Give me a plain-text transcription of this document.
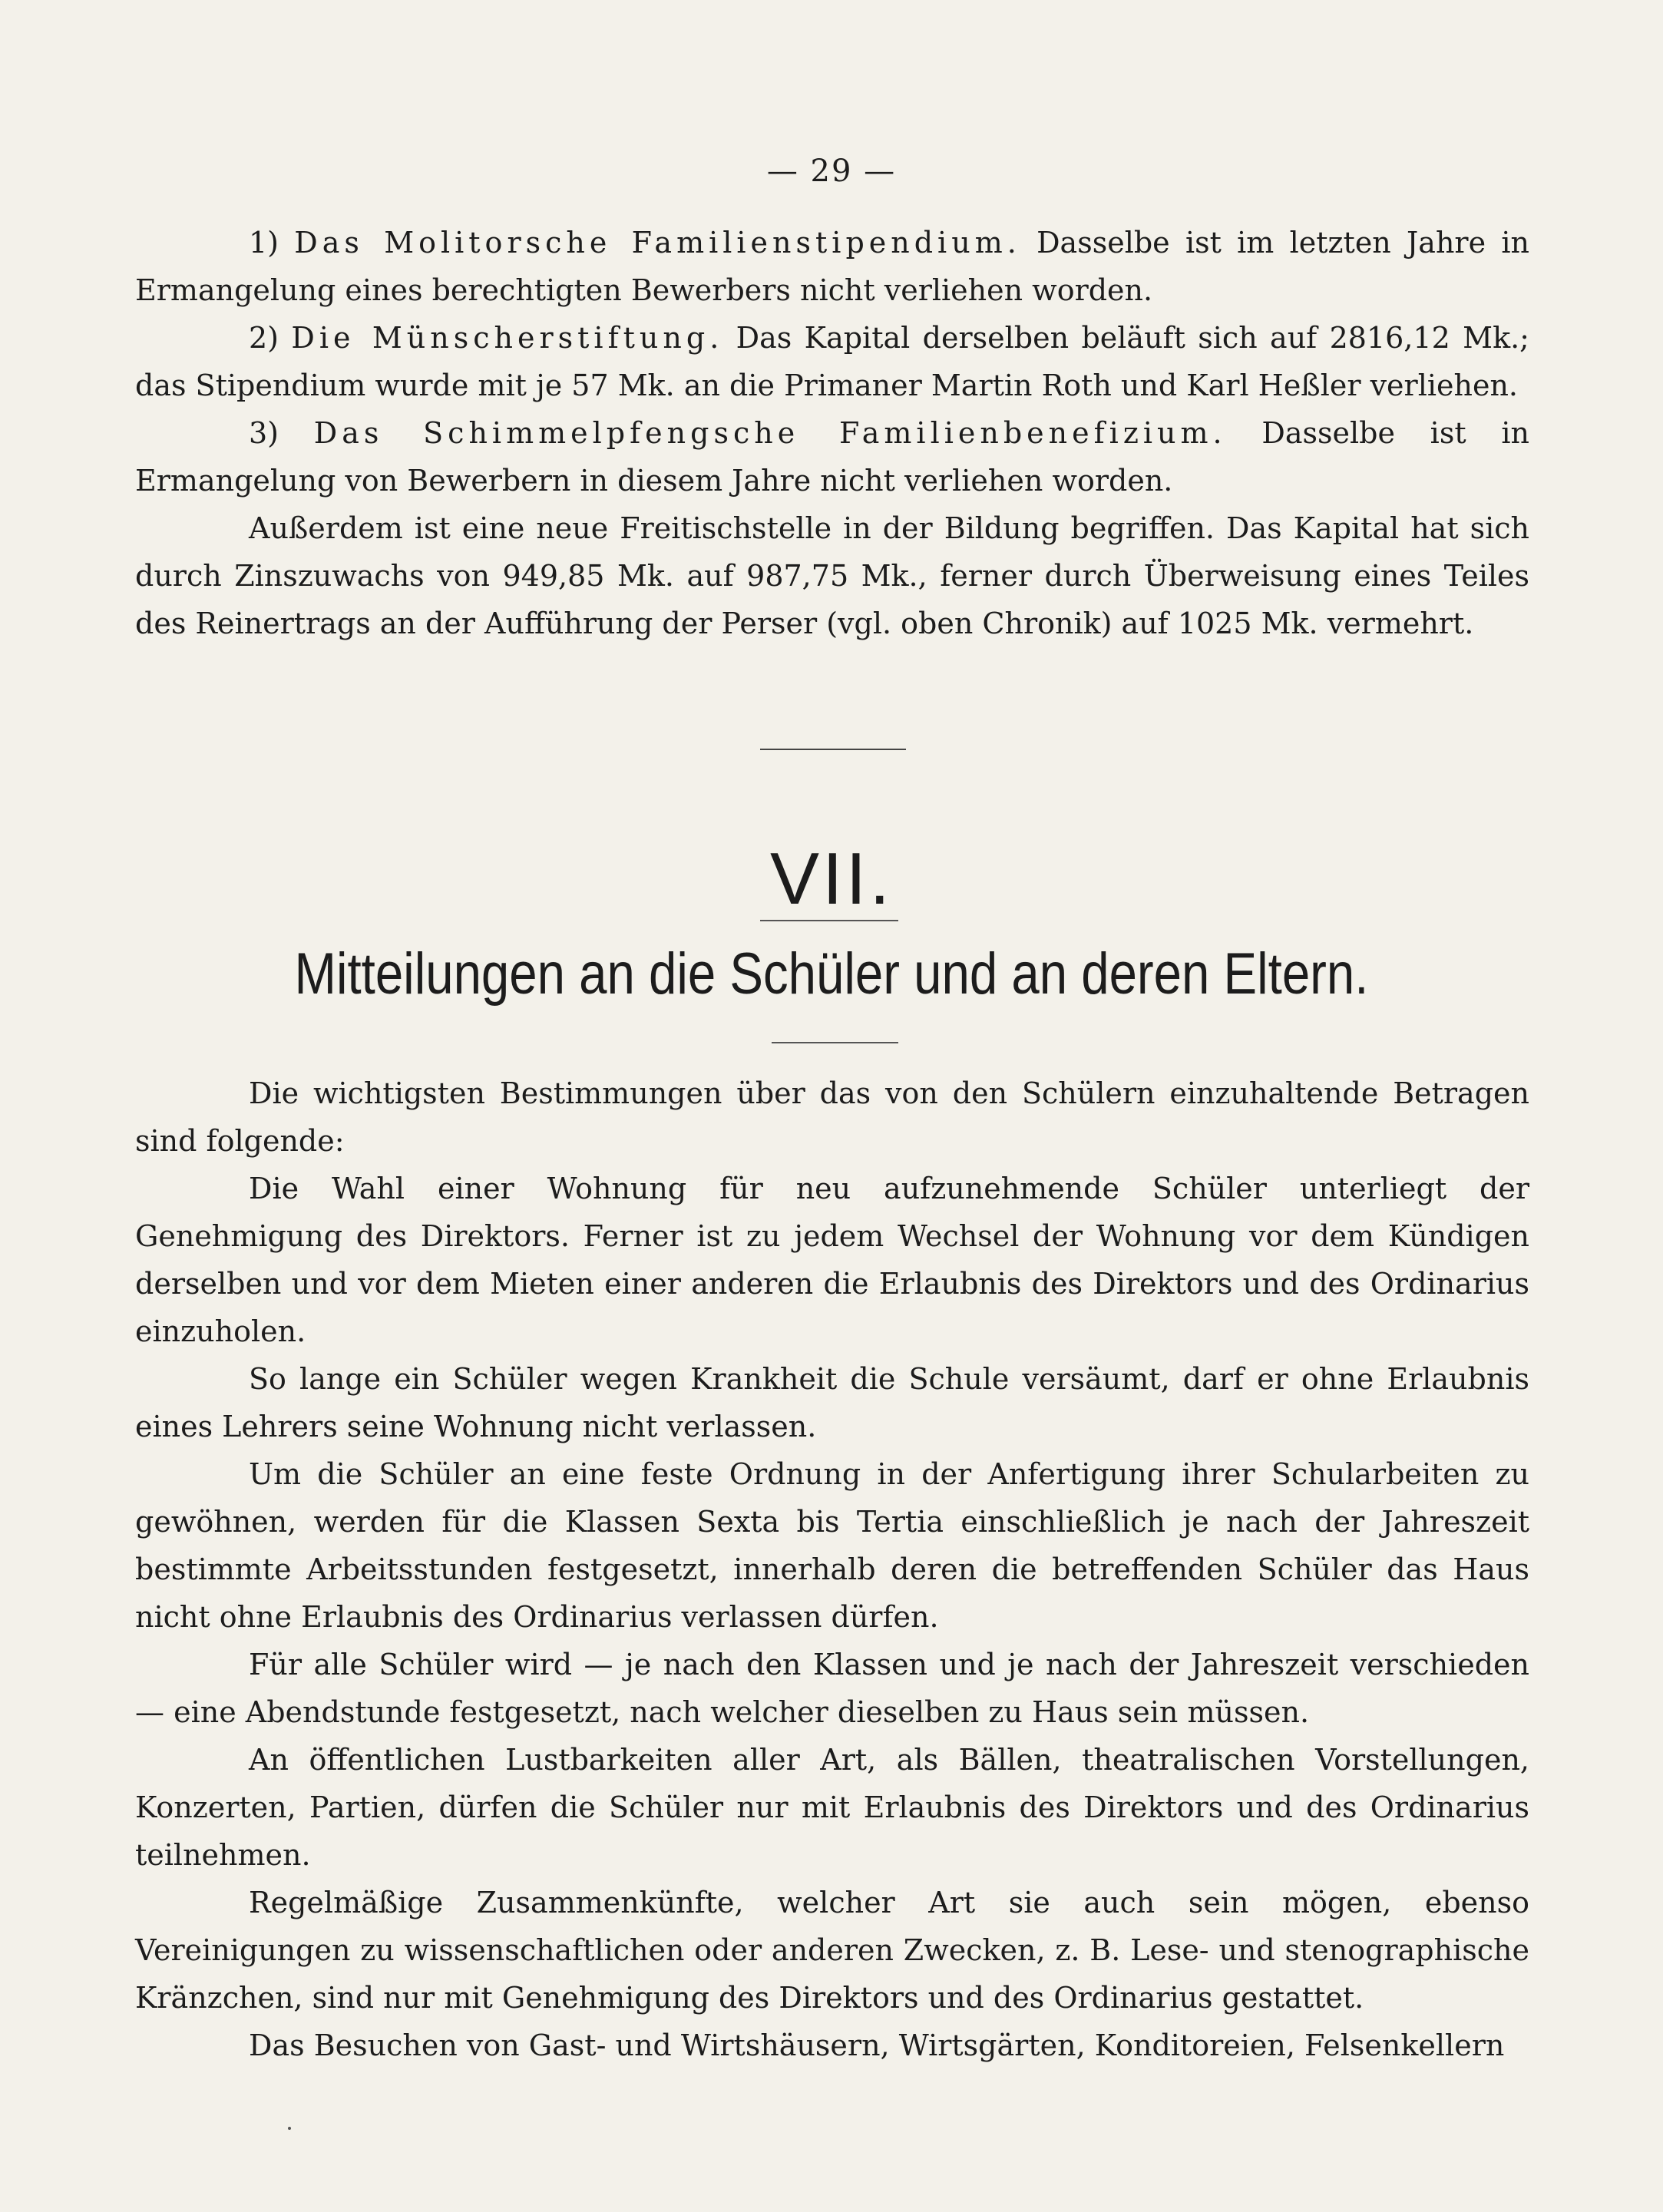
— 29 —

1) Das Molitorsche Familienstipendium. Dasselbe ist im letzten Jahre in Ermangelung eines berechtigten Bewerbers nicht verliehen worden.

2) Die Münscherstiftung. Das Kapital derselben beläuft sich auf 2816,12 Mk.; das Stipendium wurde mit je 57 Mk. an die Primaner Martin Roth und Karl Heßler verliehen.

3) Das Schimmelpfengsche Familienbenefizium. Dasselbe ist in Ermangelung von Bewerbern in diesem Jahre nicht verliehen worden.

Außerdem ist eine neue Freitischstelle in der Bildung begriffen. Das Kapital hat sich durch Zinszuwachs von 949,85 Mk. auf 987,75 Mk., ferner durch Überweisung eines Teiles des Reinertrags an der Aufführung der Perser (vgl. oben Chronik) auf 1025 Mk. vermehrt.

VII.
Mitteilungen an die Schüler und an deren Eltern.

Die wichtigsten Bestimmungen über das von den Schülern einzuhaltende Betragen sind folgende:

Die Wahl einer Wohnung für neu aufzunehmende Schüler unterliegt der Genehmigung des Direktors. Ferner ist zu jedem Wechsel der Wohnung vor dem Kündigen derselben und vor dem Mieten einer anderen die Erlaubnis des Direktors und des Ordinarius einzuholen.

So lange ein Schüler wegen Krankheit die Schule versäumt, darf er ohne Erlaubnis eines Lehrers seine Wohnung nicht verlassen.

Um die Schüler an eine feste Ordnung in der Anfertigung ihrer Schularbeiten zu gewöhnen, werden für die Klassen Sexta bis Tertia einschließlich je nach der Jahreszeit bestimmte Arbeitsstunden festgesetzt, innerhalb deren die betreffenden Schüler das Haus nicht ohne Erlaubnis des Ordinarius verlassen dürfen.

Für alle Schüler wird — je nach den Klassen und je nach der Jahreszeit verschieden — eine Abendstunde festgesetzt, nach welcher dieselben zu Haus sein müssen.

An öffentlichen Lustbarkeiten aller Art, als Bällen, theatralischen Vorstellungen, Konzerten, Partien, dürfen die Schüler nur mit Erlaubnis des Direktors und des Ordinarius teilnehmen.

Regelmäßige Zusammenkünfte, welcher Art sie auch sein mögen, ebenso Vereinigungen zu wissenschaftlichen oder anderen Zwecken, z. B. Lese- und stenographische Kränzchen, sind nur mit Genehmigung des Direktors und des Ordinarius gestattet.

Das Besuchen von Gast- und Wirtshäusern, Wirtsgärten, Konditoreien, Felsenkellern
